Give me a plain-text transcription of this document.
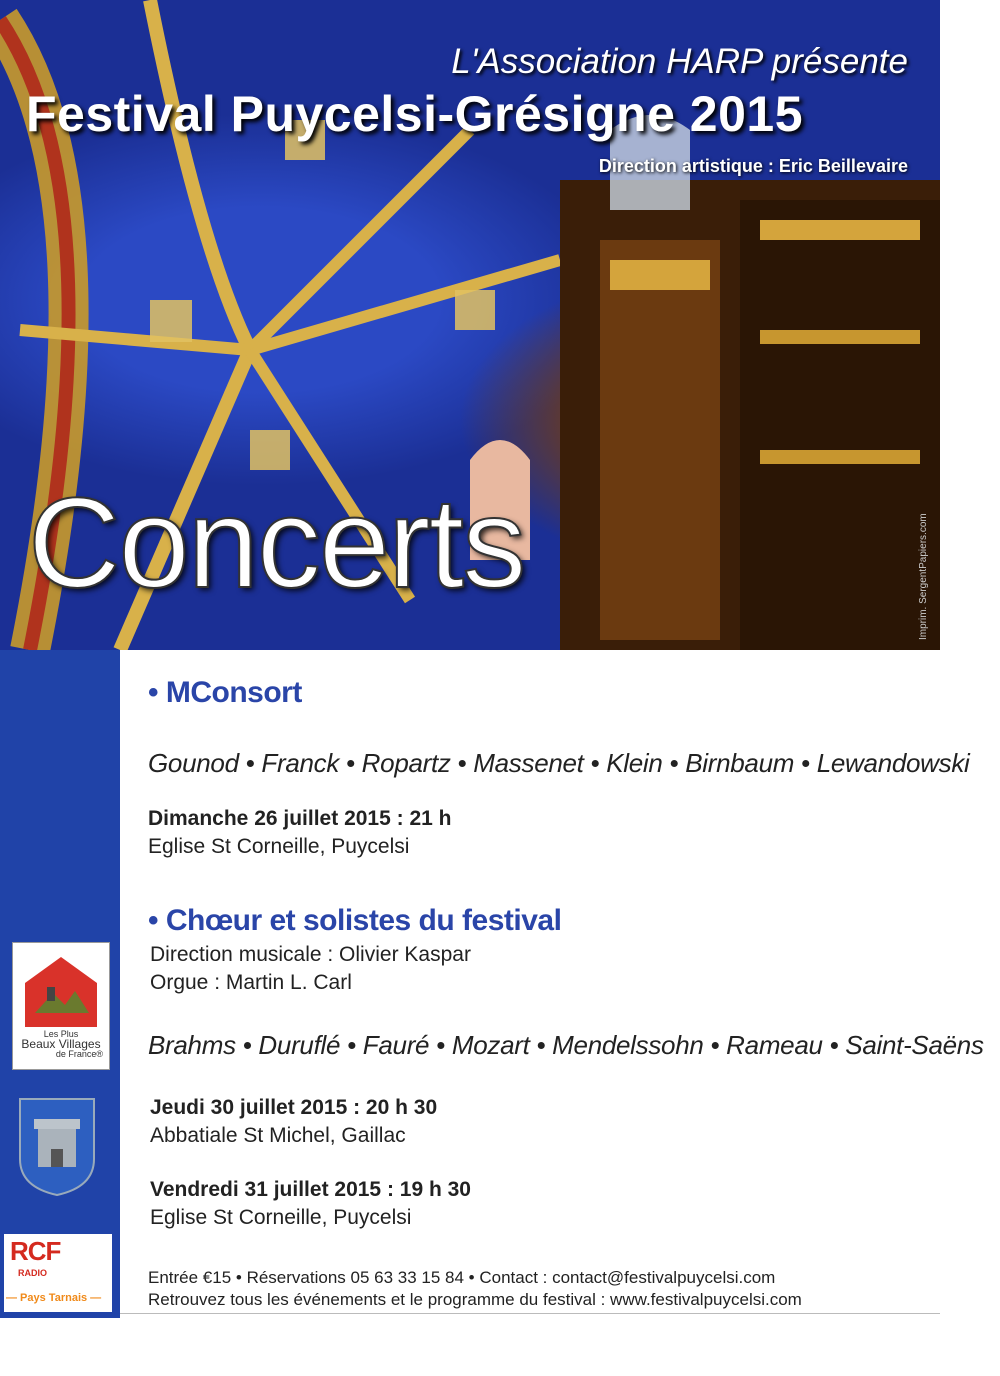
L'Association HARP présente
Festival Puycelsi-Grésigne 2015
Direction artistique : Eric Beillevaire
Concerts	Imprim. SergentPapiers.com
Les Plus
Beaux Villages
de France®
RCF
RADIO
— Pays Tarnais —
• MConsort
Gounod • Franck • Ropartz • Massenet • Klein • Birnbaum • Lewandowski
Dimanche 26 juillet 2015 : 21 h
Eglise St Corneille, Puycelsi
• Chœur et solistes du festival
Direction musicale : Olivier Kaspar
Orgue : Martin L. Carl
Brahms • Duruflé • Fauré • Mozart • Mendelssohn • Rameau • Saint-Saëns
Jeudi 30 juillet 2015 : 20 h 30
Abbatiale St Michel, Gaillac
Vendredi 31 juillet 2015 : 19 h 30
Eglise St Corneille, Puycelsi
Entrée €15 • Réservations 05 63 33 15 84 • Contact : contact@festivalpuycelsi.com
Retrouvez tous les événements et le programme du festival : www.festivalpuycelsi.com
